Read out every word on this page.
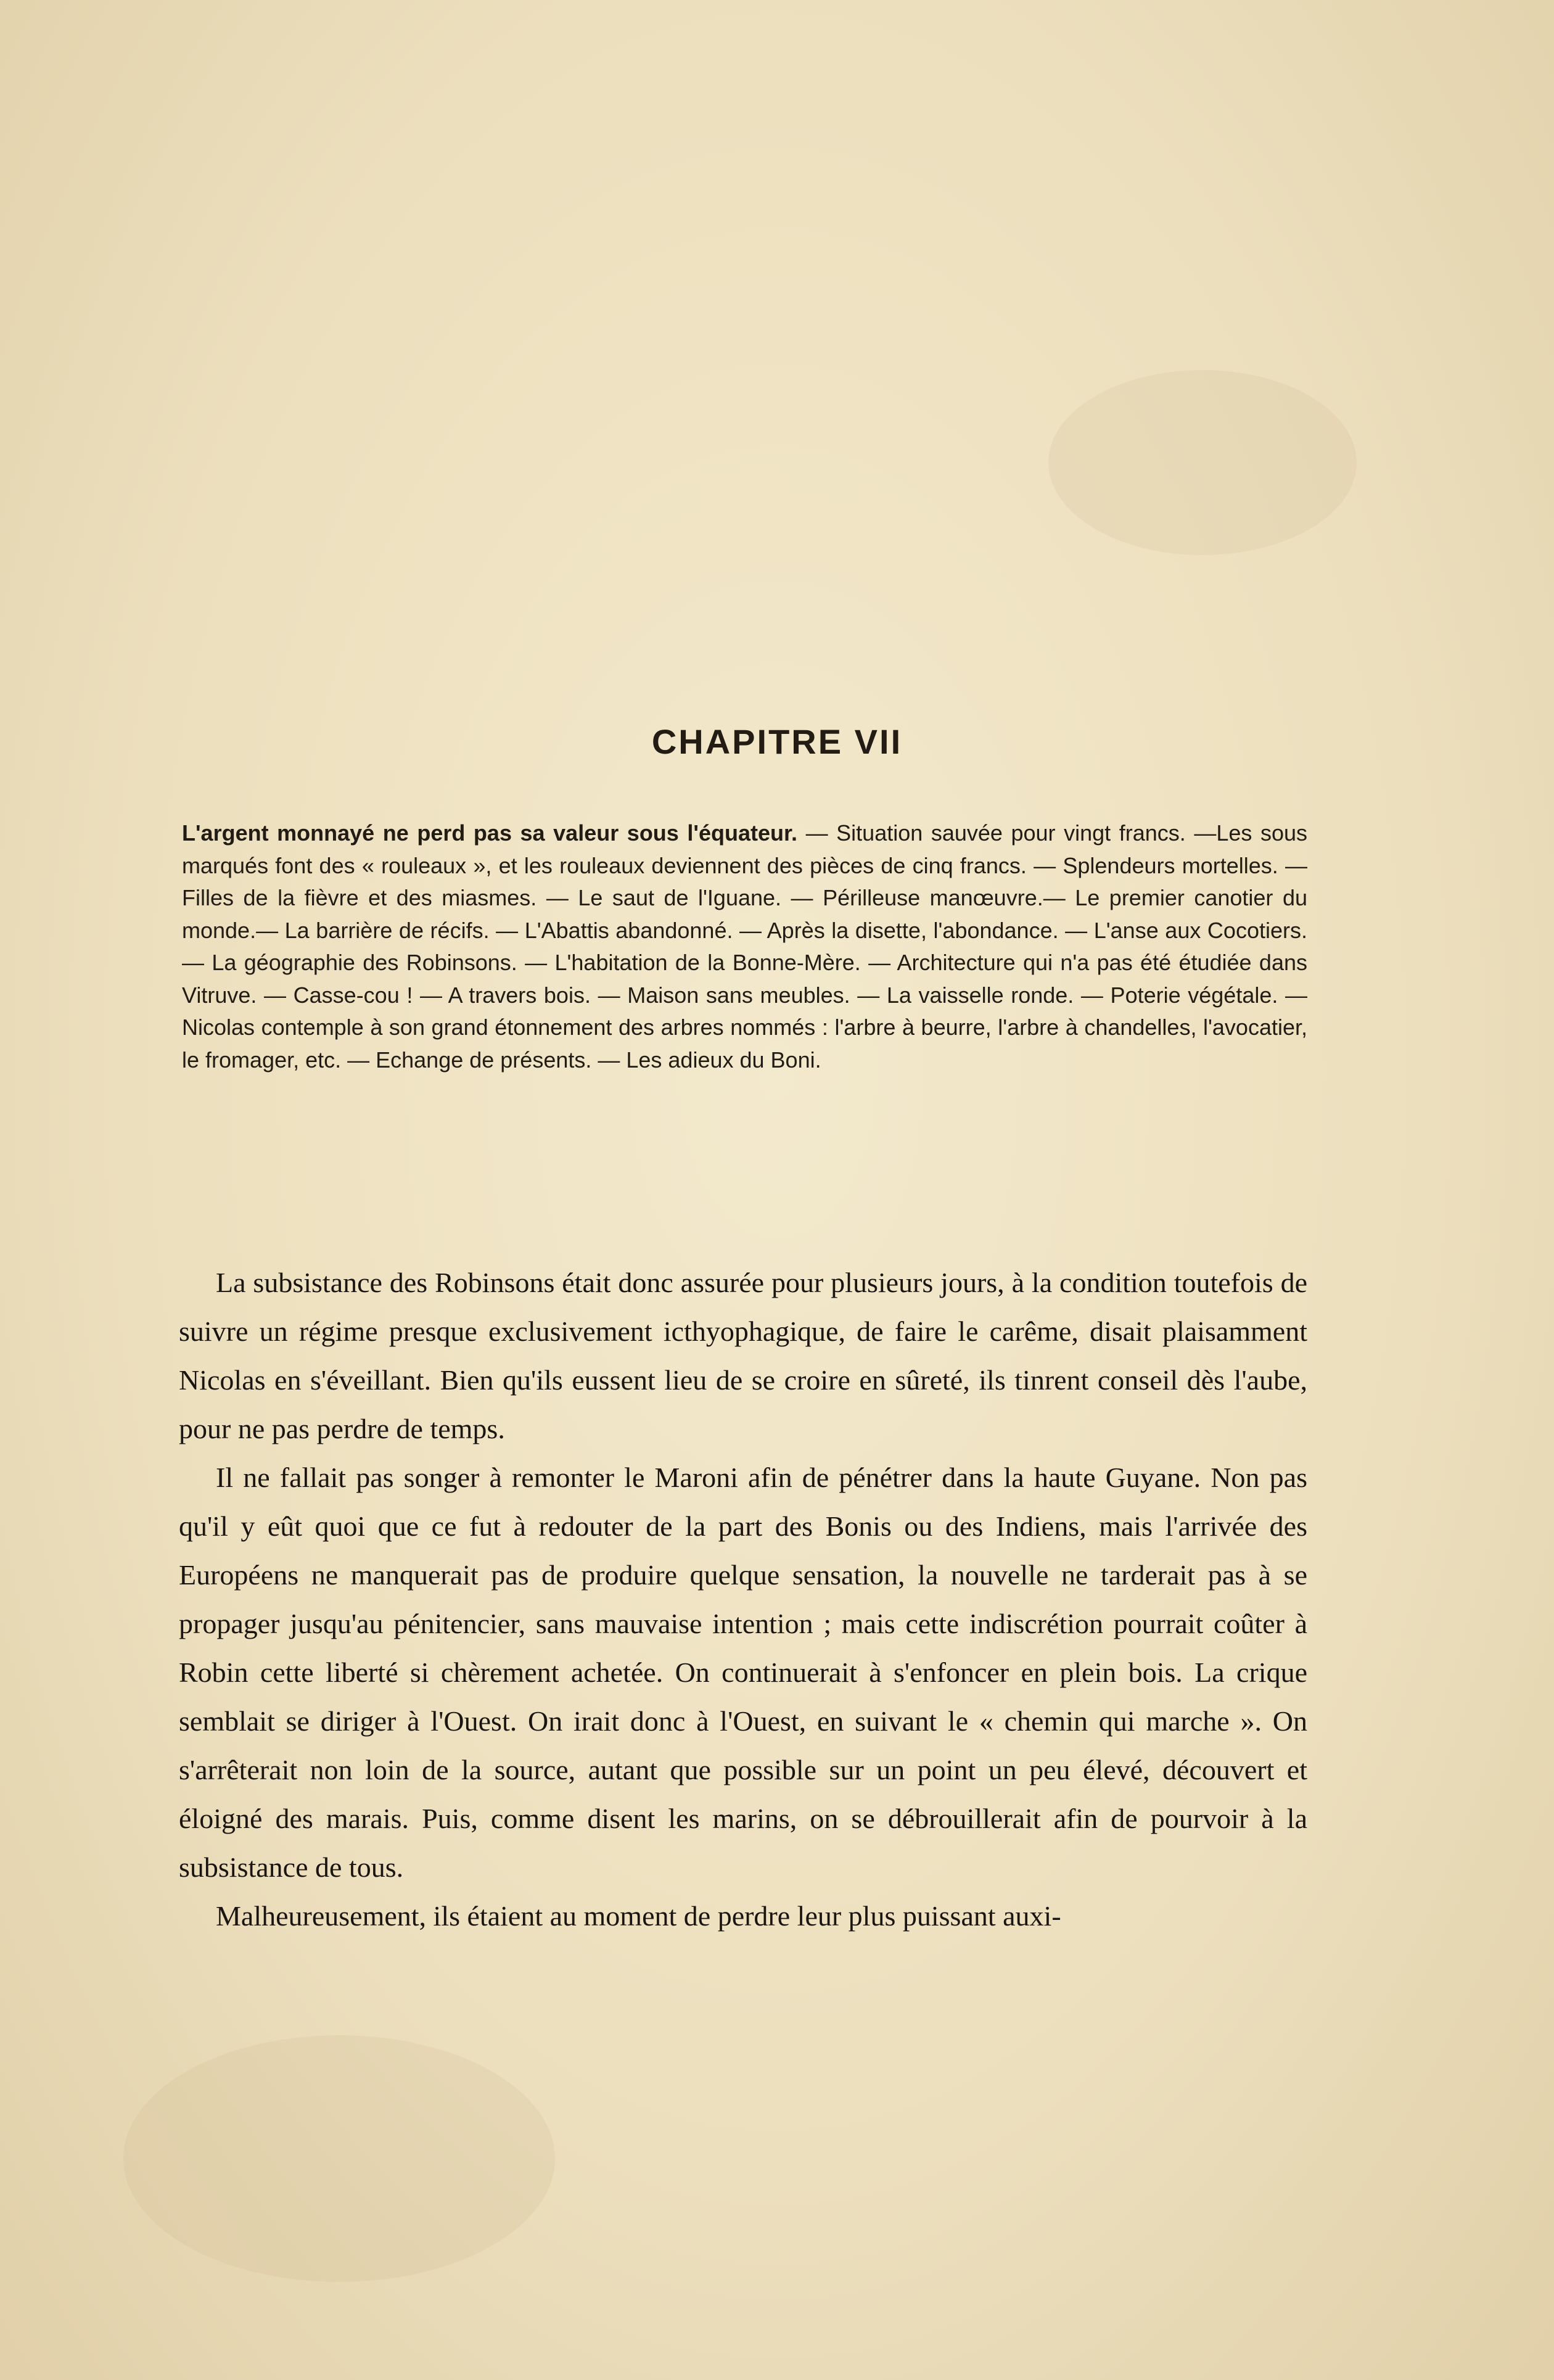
CHAPITRE VII
L'argent monnayé ne perd pas sa valeur sous l'équateur. — Situation sauvée pour vingt francs. —Les sous marqués font des « rouleaux », et les rouleaux deviennent des pièces de cinq francs. — Splendeurs mortelles. — Filles de la fièvre et des miasmes. — Le saut de l'Iguane. — Périlleuse manœuvre.— Le premier canotier du monde.— La barrière de récifs. — L'Abattis abandonné. — Après la disette, l'abondance. — L'anse aux Cocotiers. — La géographie des Robinsons. — L'habitation de la Bonne-Mère. — Architecture qui n'a pas été étudiée dans Vitruve. — Casse-cou ! — A travers bois. — Maison sans meubles. — La vaisselle ronde. — Poterie végétale. — Nicolas contemple à son grand étonnement des arbres nommés : l'arbre à beurre, l'arbre à chandelles, l'avocatier, le fromager, etc. — Echange de présents. — Les adieux du Boni.

La subsistance des Robinsons était donc assurée pour plusieurs jours, à la condition toutefois de suivre un régime presque exclusivement icthyophagique, de faire le carême, disait plaisamment Nicolas en s'éveillant. Bien qu'ils eussent lieu de se croire en sûreté, ils tinrent conseil dès l'aube, pour ne pas perdre de temps.

Il ne fallait pas songer à remonter le Maroni afin de pénétrer dans la haute Guyane. Non pas qu'il y eût quoi que ce fut à redouter de la part des Bonis ou des Indiens, mais l'arrivée des Européens ne manquerait pas de produire quelque sensation, la nouvelle ne tarderait pas à se propager jusqu'au pénitencier, sans mauvaise intention ; mais cette indiscrétion pourrait coûter à Robin cette liberté si chèrement achetée. On continuerait à s'enfoncer en plein bois. La crique semblait se diriger à l'Ouest. On irait donc à l'Ouest, en suivant le « chemin qui marche ». On s'arrêterait non loin de la source, autant que possible sur un point un peu élevé, découvert et éloigné des marais. Puis, comme disent les marins, on se débrouillerait afin de pourvoir à la subsistance de tous.

Malheureusement, ils étaient au moment de perdre leur plus puissant auxi-
